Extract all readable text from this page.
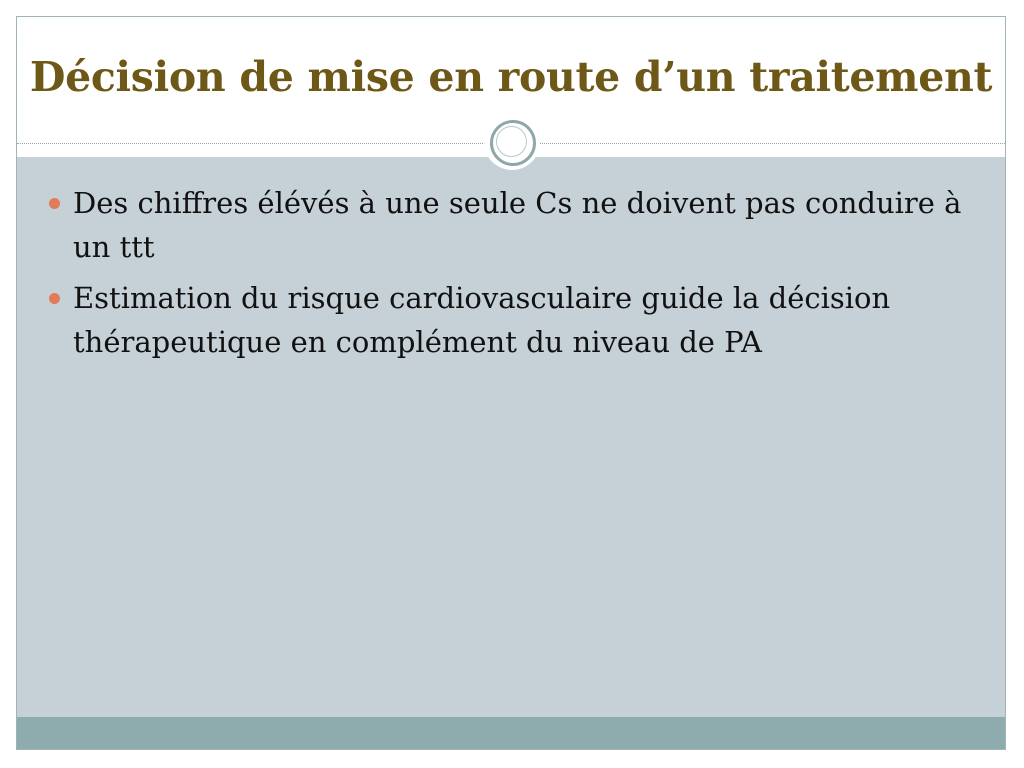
Décision de mise en route d’un traitement
Des chiffres élévés à une seule Cs ne doivent pas conduire à un ttt
Estimation du risque cardiovasculaire guide la décision thérapeutique en complément du niveau de PA
